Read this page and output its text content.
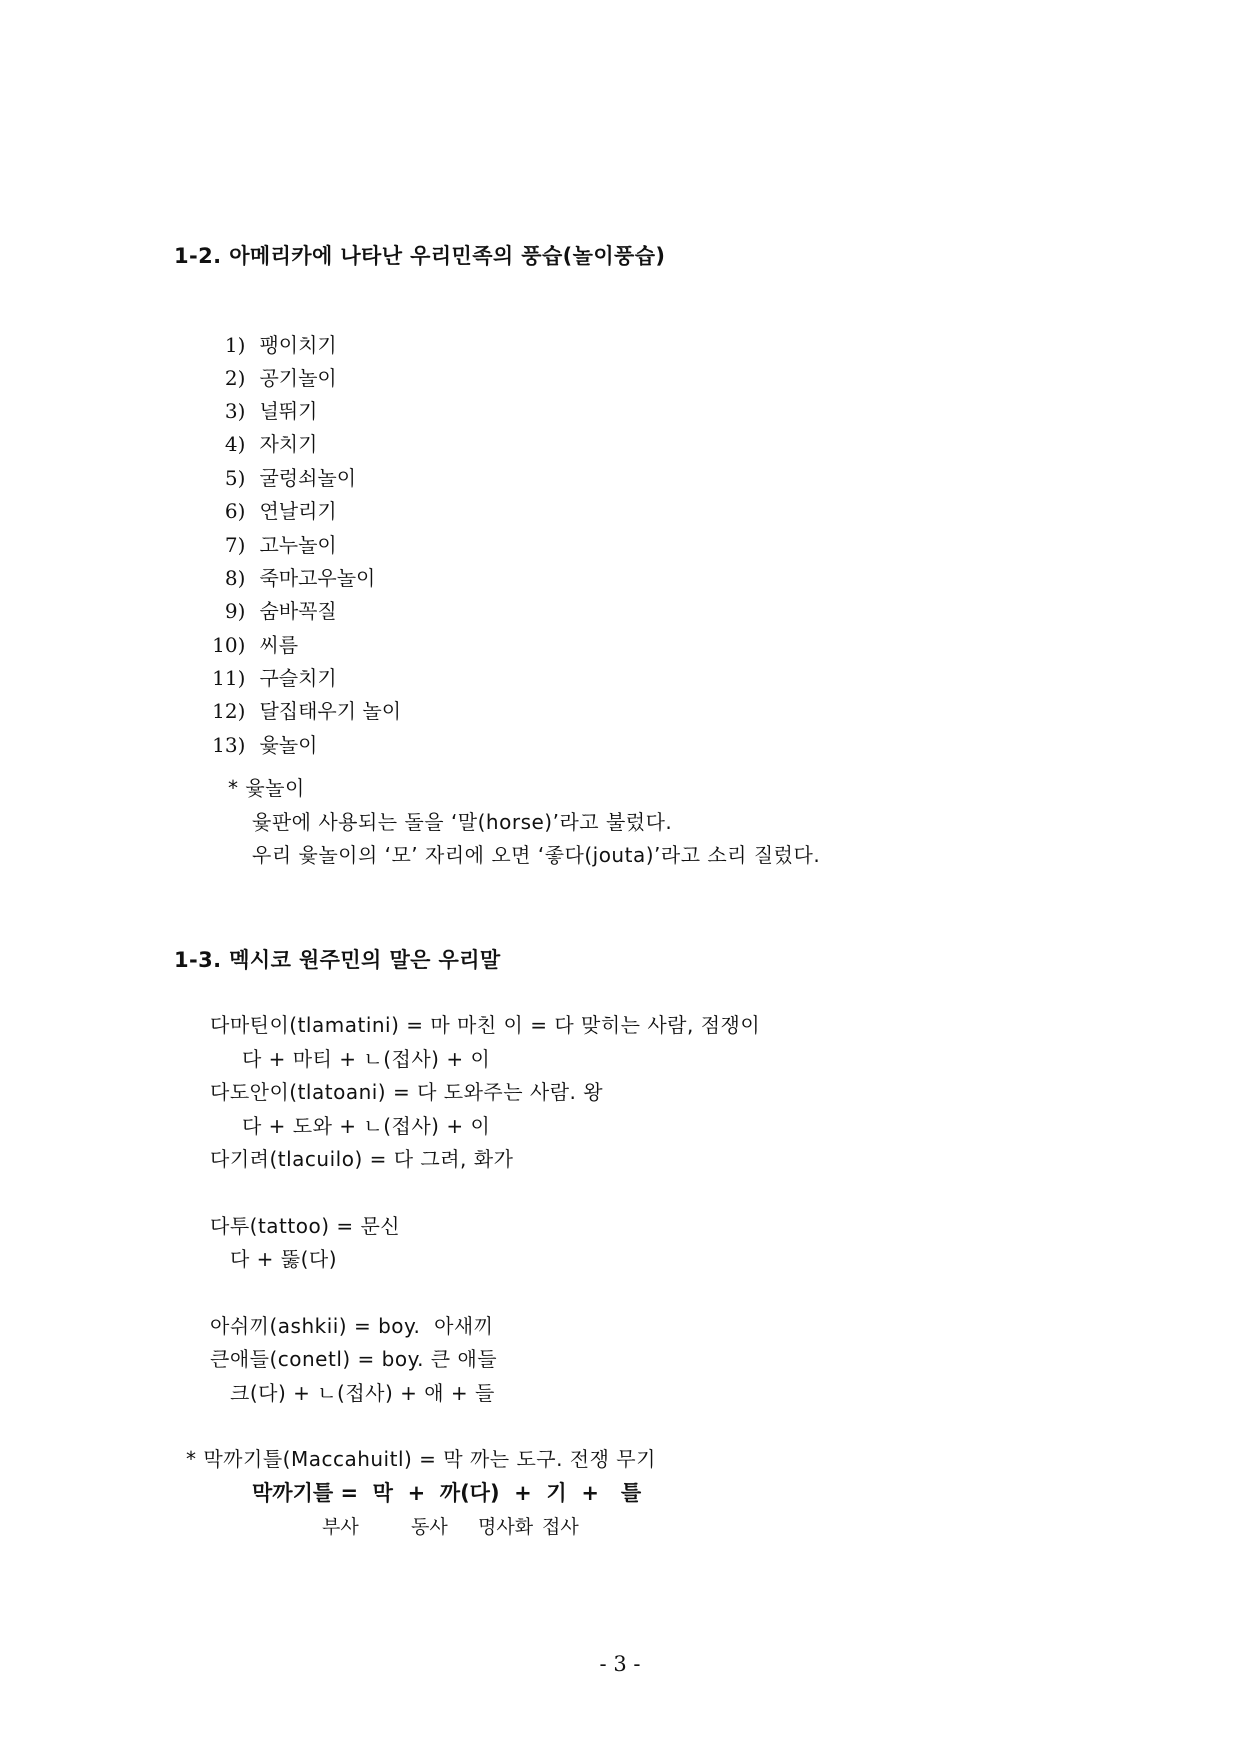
1-2. 아메리카에 나타난 우리민족의 풍습(놀이풍습)

1) 팽이치기

2) 공기놀이

3) 널뛰기

4) 자치기

5) 굴렁쇠놀이

6) 연날리기

7) 고누놀이

8) 죽마고우놀이

9) 숨바꼭질

10) 씨름

11) 구슬치기

12) 달집태우기 놀이

13) 윷놀이

* 윷놀이
윷판에 사용되는 돌을 ‘말(horse)’라고 불렀다.
우리 윷놀이의 ‘모’ 자리에 오면 ‘좋다(jouta)’라고 소리 질렀다.
1-3. 멕시코 원주민의 말은 우리말
다마틴이(tlamatini) = 마 마친 이 = 다 맞히는 사람, 점쟁이
다 + 마티 + ㄴ(접사) + 이
다도안이(tlatoani) = 다 도와주는 사람. 왕
다 + 도와 + ㄴ(접사) + 이
다기려(tlacuilo) = 다 그려, 화가
다투(tattoo) = 문신
다 + 뚫(다)
아쉬끼(ashkii) = boy.  아새끼
큰애들(conetl) = boy. 큰 애들
크(다) + ㄴ(접사) + 애 + 들
* 막까기틀(Maccahuitl) = 막 까는 도구. 전쟁 무기
막까기틀 =  막  +  까(다)  +  기  +   틀

부사

	동사

명사화

접사

- 3 -
